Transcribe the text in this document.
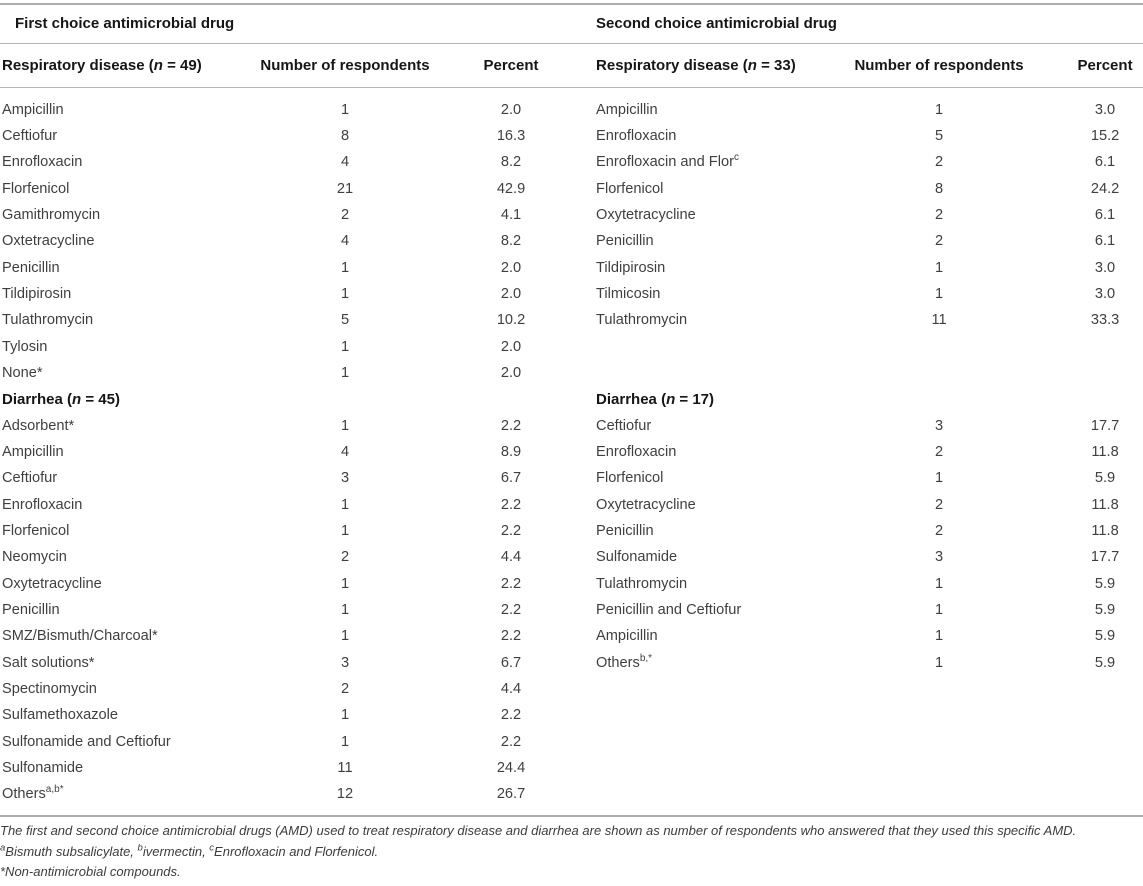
First choice antimicrobial drug				Second choice antimicrobial drug		
Respiratory disease (n = 49)	Number of respondents	Percent		Respiratory disease (n = 33)	Number of respondents	Percent
Ampicillin	1	2.0		Ampicillin	1	3.0
Ceftiofur	8	16.3		Enrofloxacin	5	15.2
Enrofloxacin	4	8.2		Enrofloxacin and Flor$^c$	2	6.1
Florfenicol	21	42.9		Florfenicol	8	24.2
Gamithromycin	2	4.1		Oxytetracycline	2	6.1
Oxtetracycline	4	8.2		Penicillin	2	6.1
Penicillin	1	2.0		Tildipirosin	1	3.0
Tildipirosin	1	2.0		Tilmicosin	1	3.0
Tulathromycin	5	10.2		Tulathromycin	11	33.3
Tylosin	1	2.0				
None*	1	2.0				
Diarrhea (n = 45)				Diarrhea (n = 17)		
Adsorbent*	1	2.2		Ceftiofur	3	17.7
Ampicillin	4	8.9		Enrofloxacin	2	11.8
Ceftiofur	3	6.7		Florfenicol	1	5.9
Enrofloxacin	1	2.2		Oxytetracycline	2	11.8
Florfenicol	1	2.2		Penicillin	2	11.8
Neomycin	2	4.4		Sulfonamide	3	17.7
Oxytetracycline	1	2.2		Tulathromycin	1	5.9
Penicillin	1	2.2		Penicillin and Ceftiofur	1	5.9
SMZ/Bismuth/Charcoal*	1	2.2		Ampicillin	1	5.9
Salt solutions*	3	6.7		Others$^{b,*}$	1	5.9
Spectinomycin	2	4.4				
Sulfamethoxazole	1	2.2				
Sulfonamide and Ceftiofur	1	2.2				
Sulfonamide	11	24.4				
Others$^{a,b*}$	12	26.7				
The first and second choice antimicrobial drugs (AMD) used to treat respiratory disease and diarrhea are shown as number of respondents who answered that they used this specific AMD.
$^a$Bismuth subsalicylate, $^b$ivermectin, $^c$Enrofloxacin and Florfenicol.
*Non-antimicrobial compounds.
